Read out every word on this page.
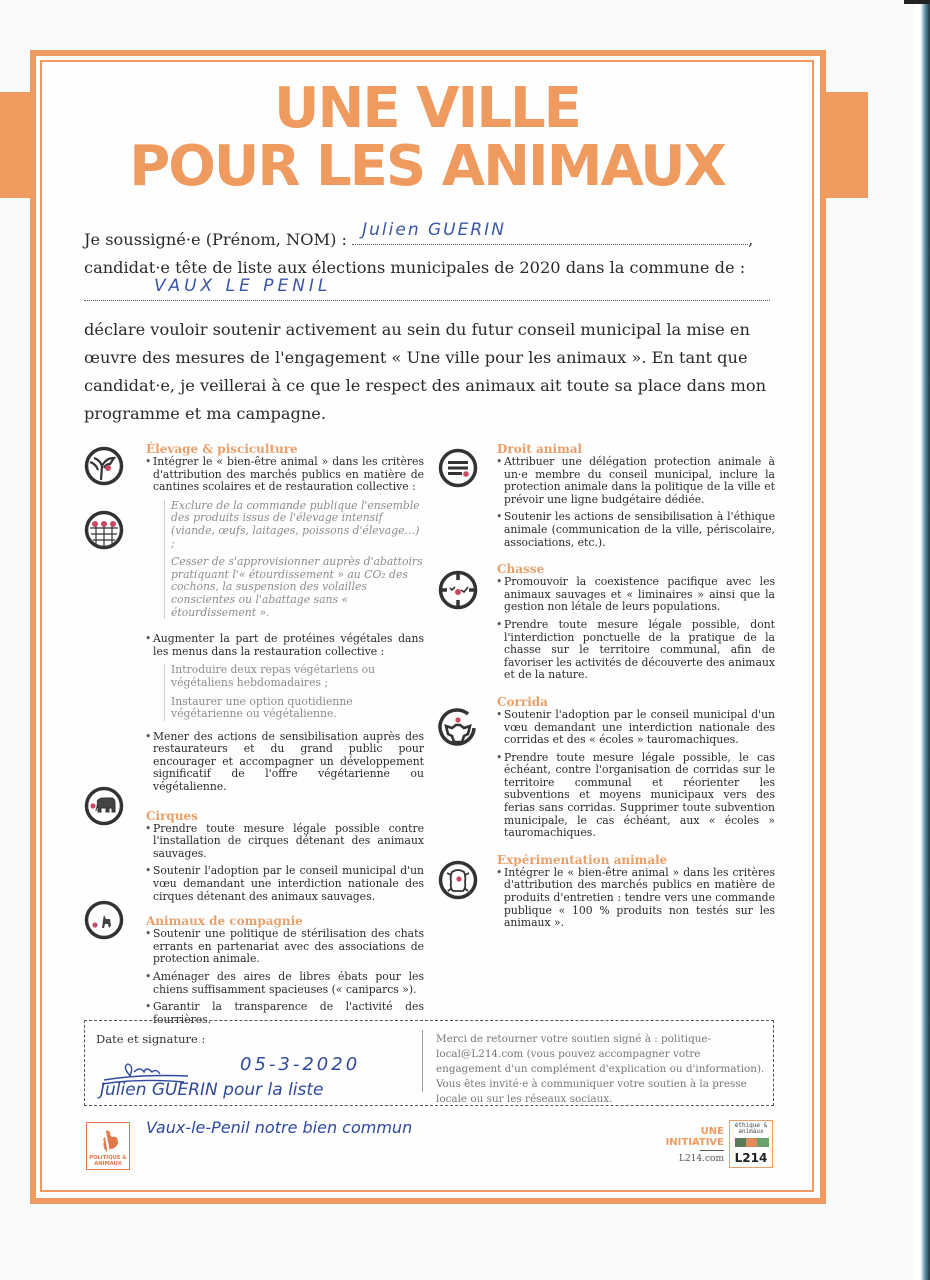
UNE VILLE
POUR LES ANIMAUX
Je soussigné·e (Prénom, NOM) : Julien GUERIN	,
candidat·e tête de liste aux élections municipales de 2020 dans la commune de :
VAUX LE PENIL
déclare vouloir soutenir activement au sein du futur conseil municipal la mise en
œuvre des mesures de l'engagement « Une ville pour les animaux ». En tant que
candidat·e, je veillerai à ce que le respect des animaux ait toute sa place dans mon
programme et ma campagne.
Élevage & pisciculture
• Intégrer le « bien-être animal » dans les critères d'attribution des marchés publics en matière de cantines scolaires et de restauration collective :

Exclure de la commande publique l'ensemble des produits issus de l'élevage intensif (viande, œufs, laitages, poissons d'élevage…) ;

Cesser de s'approvisionner auprès d'abattoirs pratiquant l'« étourdissement » au CO₂ des cochons, la suspension des volailles conscientes ou l'abattage sans « étourdissement ».

• Augmenter la part de protéines végétales dans les menus dans la restauration collective :

Introduire deux repas végétariens ou végétaliens hebdomadaires ;

Instaurer une option quotidienne végétarienne ou végétalienne.

• Mener des actions de sensibilisation auprès des restaurateurs et du grand public pour encourager et accompagner un développement significatif de l'offre végétarienne ou végétalienne.
Cirques
• Prendre toute mesure légale possible contre l'installation de cirques détenant des animaux sauvages.
• Soutenir l'adoption par le conseil municipal d'un vœu demandant une interdiction nationale des cirques détenant des animaux sauvages.
Animaux de compagnie
• Soutenir une politique de stérilisation des chats errants en partenariat avec des associations de protection animale.
• Aménager des aires de libres ébats pour les chiens suffisamment spacieuses (« caniparcs »).
• Garantir la transparence de l'activité des fourrières.
Droit animal
• Attribuer une délégation protection animale à un·e membre du conseil municipal, inclure la protection animale dans la politique de la ville et prévoir une ligne budgétaire dédiée.
• Soutenir les actions de sensibilisation à l'éthique animale (communication de la ville, périscolaire, associations, etc.).
Chasse
• Promouvoir la coexistence pacifique avec les animaux sauvages et « liminaires » ainsi que la gestion non létale de leurs populations.
• Prendre toute mesure légale possible, dont l'interdiction ponctuelle de la pratique de la chasse sur le territoire communal, afin de favoriser les activités de découverte des animaux et de la nature.
Corrida
• Soutenir l'adoption par le conseil municipal d'un vœu demandant une interdiction nationale des corridas et des « écoles » tauromachiques.
• Prendre toute mesure légale possible, le cas échéant, contre l'organisation de corridas sur le territoire communal et réorienter les subventions et moyens municipaux vers des ferias sans corridas. Supprimer toute subvention municipale, le cas échéant, aux « écoles » tauromachiques.
Expérimentation animale
• Intégrer le « bien-être animal » dans les critères d'attribution des marchés publics en matière de produits d'entretien : tendre vers une commande publique « 100 % produits non testés sur les animaux ».
Date et signature :	Merci de retourner votre soutien signé à : politique-local@L214.com (vous pouvez accompagner votre engagement d'un complément d'explication ou d'information). Vous êtes invité·e à communiquer votre soutien à la presse locale ou sur les réseaux sociaux.
05-3-2020
Julien GUERIN pour la liste
Vaux-le-Penil notre bien commun
POLITIQUE & ANIMAUX
UNE
INITIATIVE
L214.com
éthique & animaux
L214
